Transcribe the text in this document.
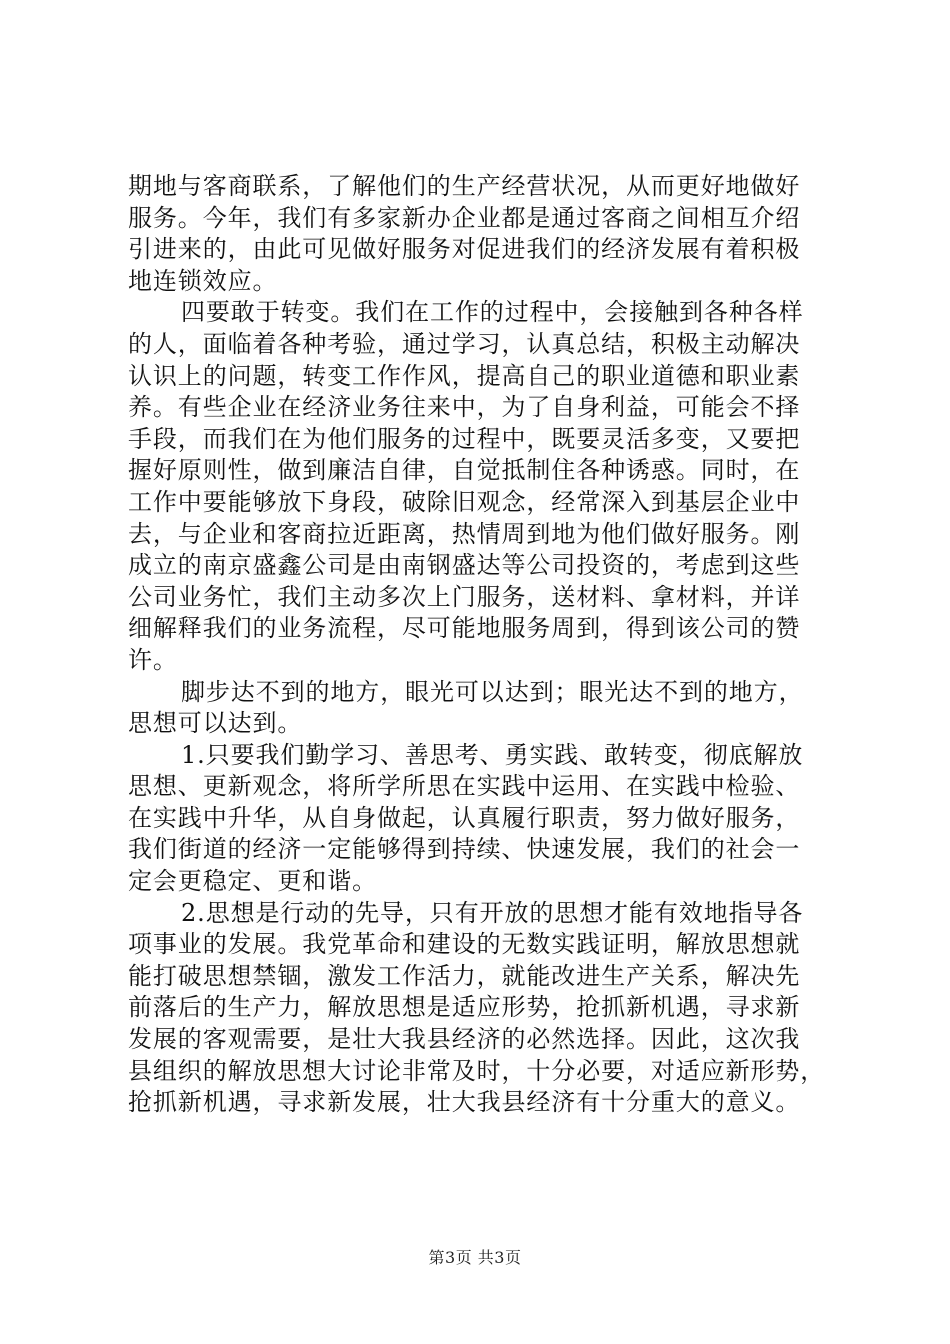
期地与客商联系，了解他们的生产经营状况，从而更好地做好
服务。今年，我们有多家新办企业都是通过客商之间相互介绍
引进来的，由此可见做好服务对促进我们的经济发展有着积极
地连锁效应。
四要敢于转变。我们在工作的过程中，会接触到各种各样
的人，面临着各种考验，通过学习，认真总结，积极主动解决
认识上的问题，转变工作作风，提高自己的职业道德和职业素
养。有些企业在经济业务往来中，为了自身利益，可能会不择
手段，而我们在为他们服务的过程中，既要灵活多变，又要把
握好原则性，做到廉洁自律，自觉抵制住各种诱惑。同时，在
工作中要能够放下身段，破除旧观念，经常深入到基层企业中
去，与企业和客商拉近距离，热情周到地为他们做好服务。刚
成立的南京盛鑫公司是由南钢盛达等公司投资的，考虑到这些
公司业务忙，我们主动多次上门服务，送材料、拿材料，并详
细解释我们的业务流程，尽可能地服务周到，得到该公司的赞
许。
脚步达不到的地方，眼光可以达到；眼光达不到的地方，
思想可以达到。
1.只要我们勤学习、善思考、勇实践、敢转变，彻底解放
思想、更新观念，将所学所思在实践中运用、在实践中检验、
在实践中升华，从自身做起，认真履行职责，努力做好服务，
我们街道的经济一定能够得到持续、快速发展，我们的社会一
定会更稳定、更和谐。
2.思想是行动的先导，只有开放的思想才能有效地指导各
项事业的发展。我党革命和建设的无数实践证明，解放思想就
能打破思想禁锢，激发工作活力，就能改进生产关系，解决先
前落后的生产力，解放思想是适应形势，抢抓新机遇，寻求新
发展的客观需要，是壮大我县经济的必然选择。因此，这次我
县组织的解放思想大讨论非常及时，十分必要，对适应新形势，
抢抓新机遇，寻求新发展，壮大我县经济有十分重大的意义。
第3页 共3页
